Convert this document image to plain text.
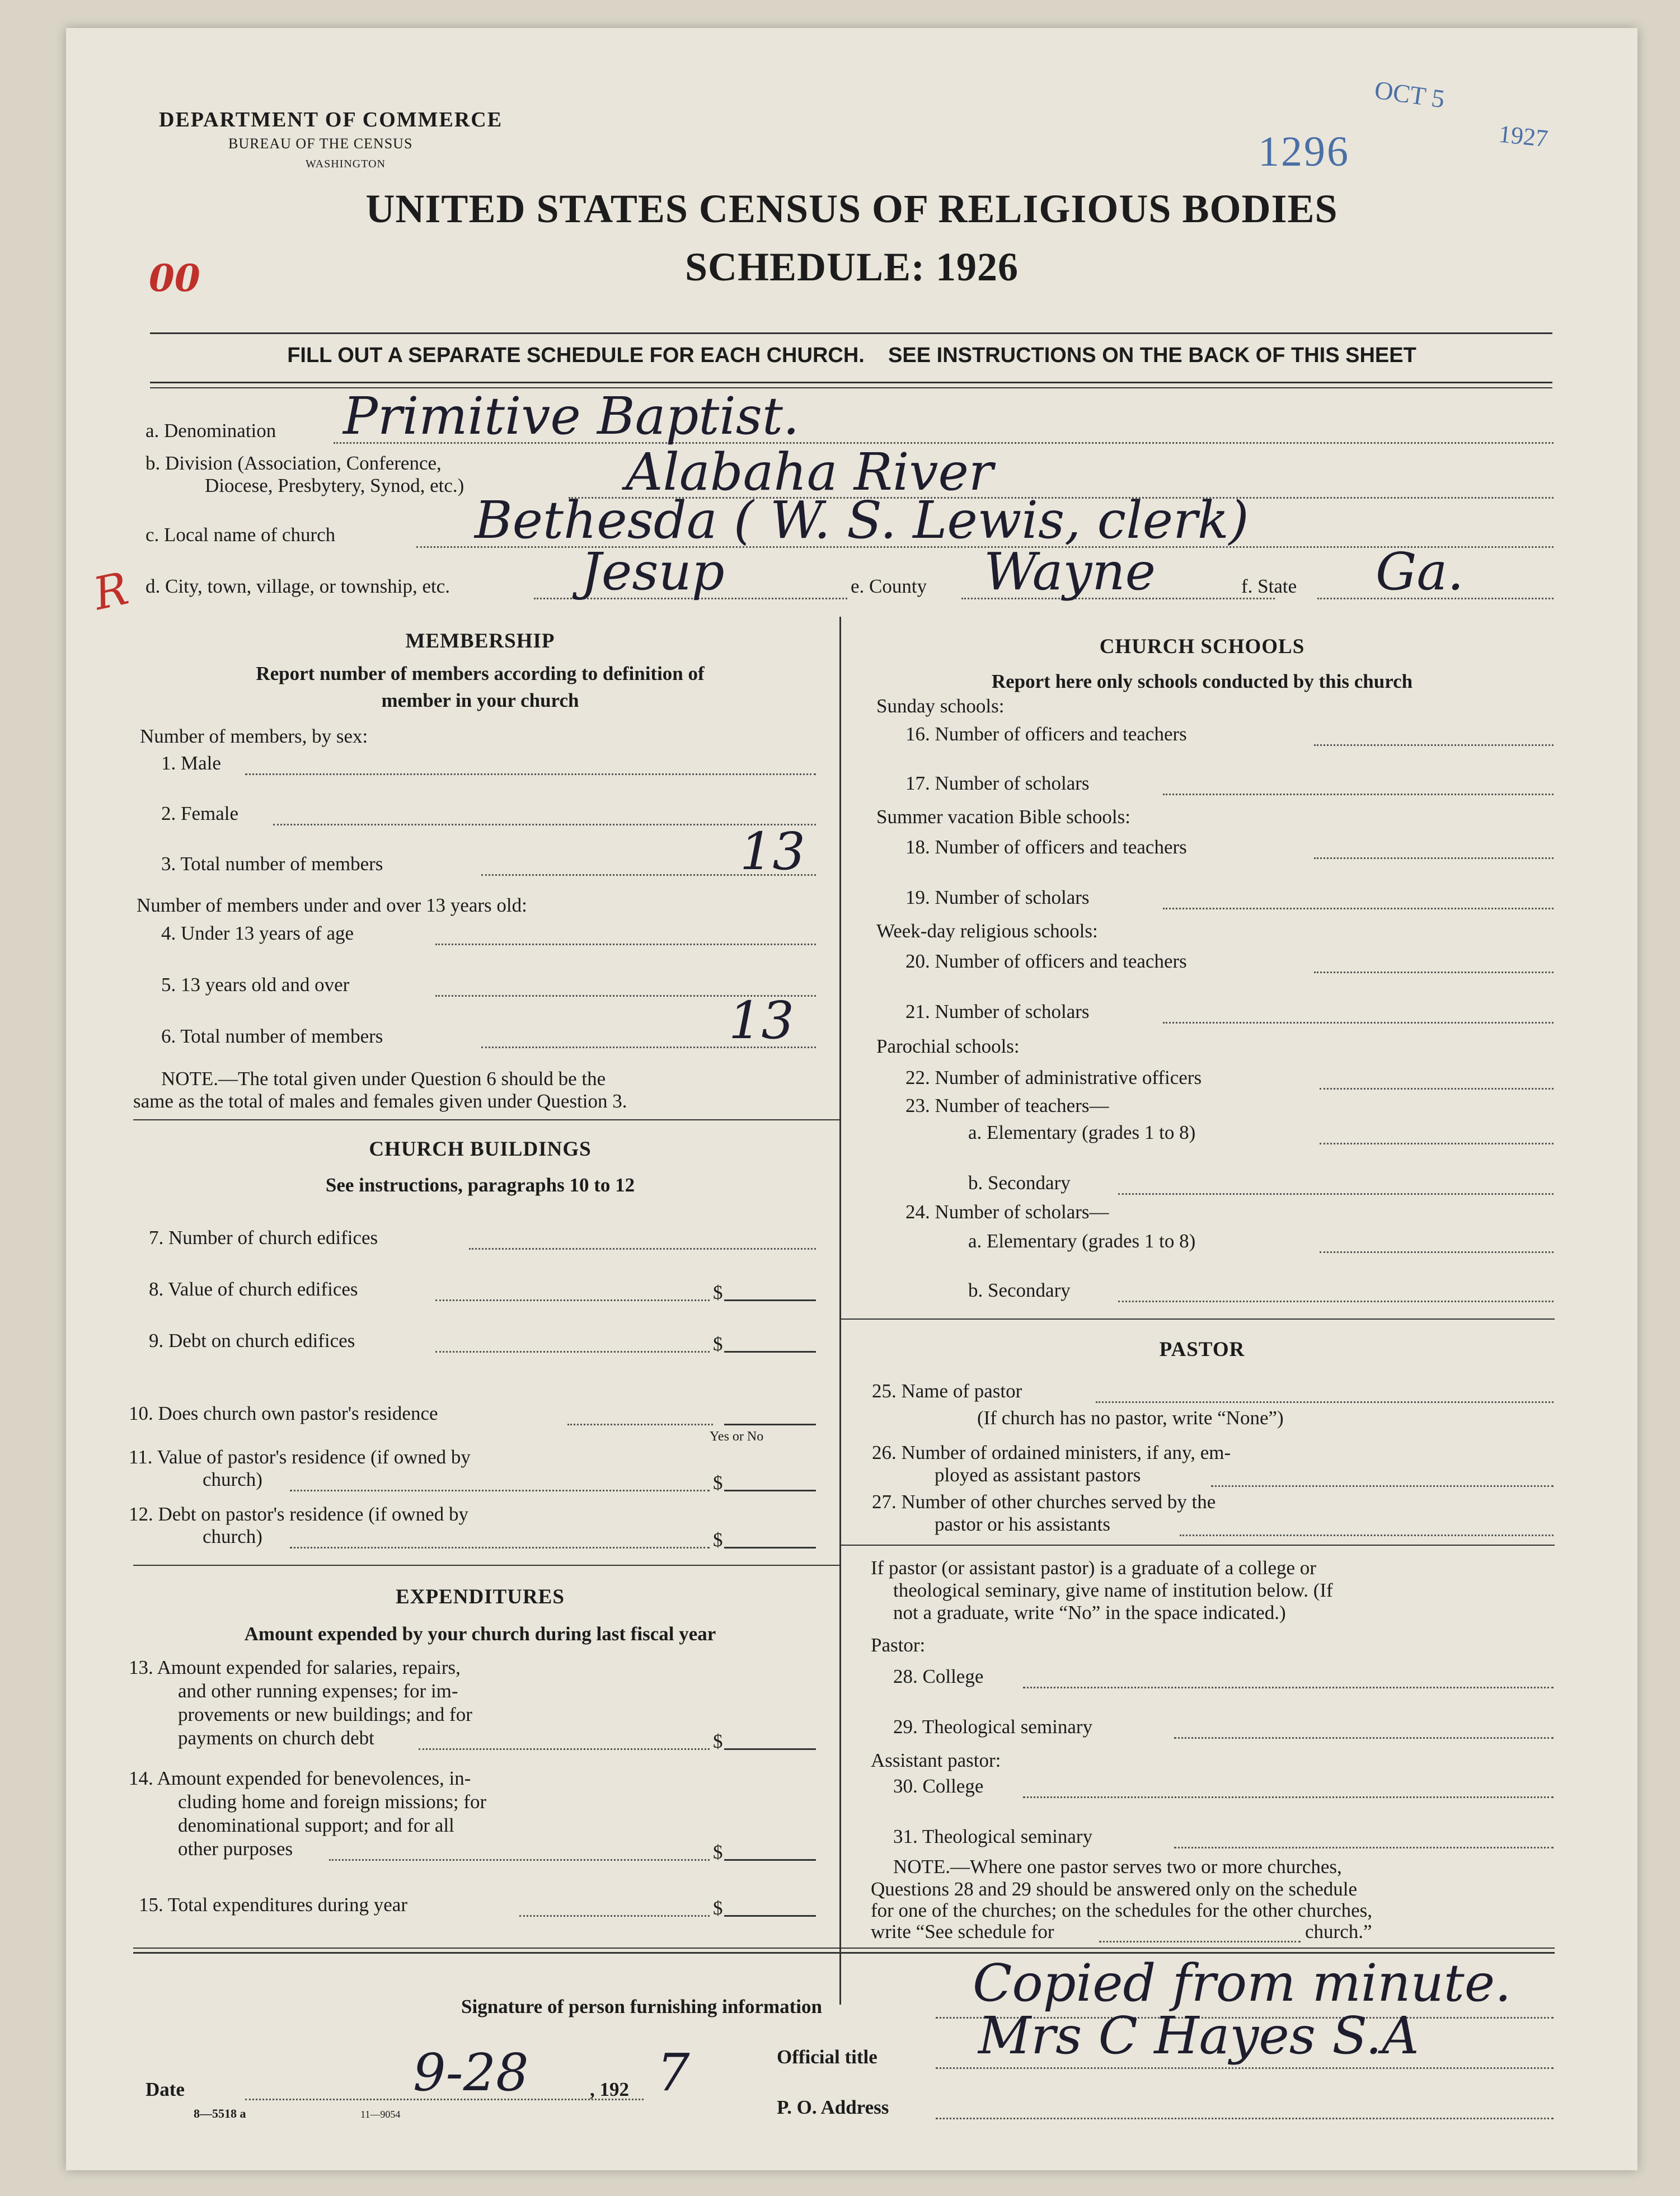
OCT 5
1927
1296
00
R
DEPARTMENT OF COMMERCE
BUREAU OF THE CENSUS
WASHINGTON
UNITED STATES CENSUS OF RELIGIOUS BODIES
SCHEDULE: 1926
FILL OUT A SEPARATE SCHEDULE FOR EACH CHURCH.    SEE INSTRUCTIONS ON THE BACK OF THIS SHEET
a. Denomination Primitive Baptist.
b. Division (Association, Conference,
Diocese, Presbytery, Synod, etc.)	Alabaha River
c. Local name of church	Bethesda ( W. S. Lewis, clerk)
d. City, town, village, or township, etc.	Jesup	e. County Wayne	f. State Ga.
MEMBERSHIP
Report number of members according to definition of
member in your church
Number of members, by sex:
1. Male
2. Female
3. Total number of members	13
Number of members under and over 13 years old:
4. Under 13 years of age
5. 13 years old and over
6. Total number of members	13
NOTE.—The total given under Question 6 should be the
same as the total of males and females given under Question 3.
CHURCH BUILDINGS
See instructions, paragraphs 10 to 12
7. Number of church edifices
8. Value of church edifices	$
9. Debt on church edifices	$
10. Does church own pastor's residence
Yes or No
11. Value of pastor's residence (if owned by
church)	$
12. Debt on pastor's residence (if owned by
church)	$
EXPENDITURES
Amount expended by your church during last fiscal year
13. Amount expended for salaries, repairs,
and other running expenses; for im-
provements or new buildings; and for
payments on church debt	$
14. Amount expended for benevolences, in-
cluding home and foreign missions; for
denominational support; and for all
other purposes	$
15. Total expenditures during year	$
CHURCH SCHOOLS
Report here only schools conducted by this church
Sunday schools:
16. Number of officers and teachers
17. Number of scholars
Summer vacation Bible schools:
18. Number of officers and teachers
19. Number of scholars
Week-day religious schools:
20. Number of officers and teachers
21. Number of scholars
Parochial schools:
22. Number of administrative officers
23. Number of teachers—
a. Elementary (grades 1 to 8)
b. Secondary
24. Number of scholars—
a. Elementary (grades 1 to 8)
b. Secondary
PASTOR
25. Name of pastor
(If church has no pastor, write “None”)
26. Number of ordained ministers, if any, em-
ployed as assistant pastors
27. Number of other churches served by the
pastor or his assistants
If pastor (or assistant pastor) is a graduate of a college or
theological seminary, give name of institution below. (If
not a graduate, write “No” in the space indicated.)
Pastor:
28. College
29. Theological seminary
Assistant pastor:
30. College
31. Theological seminary
NOTE.—Where one pastor serves two or more churches,
Questions 28 and 29 should be answered only on the schedule
for one of the churches; on the schedules for the other churches,
write “See schedule for	church.”
Signature of person furnishing information	Copied from minute.
Official title Mrs C Hayes S.A
Date	9-28	, 192 7
P. O. Address
8—5518 a	11—9054
